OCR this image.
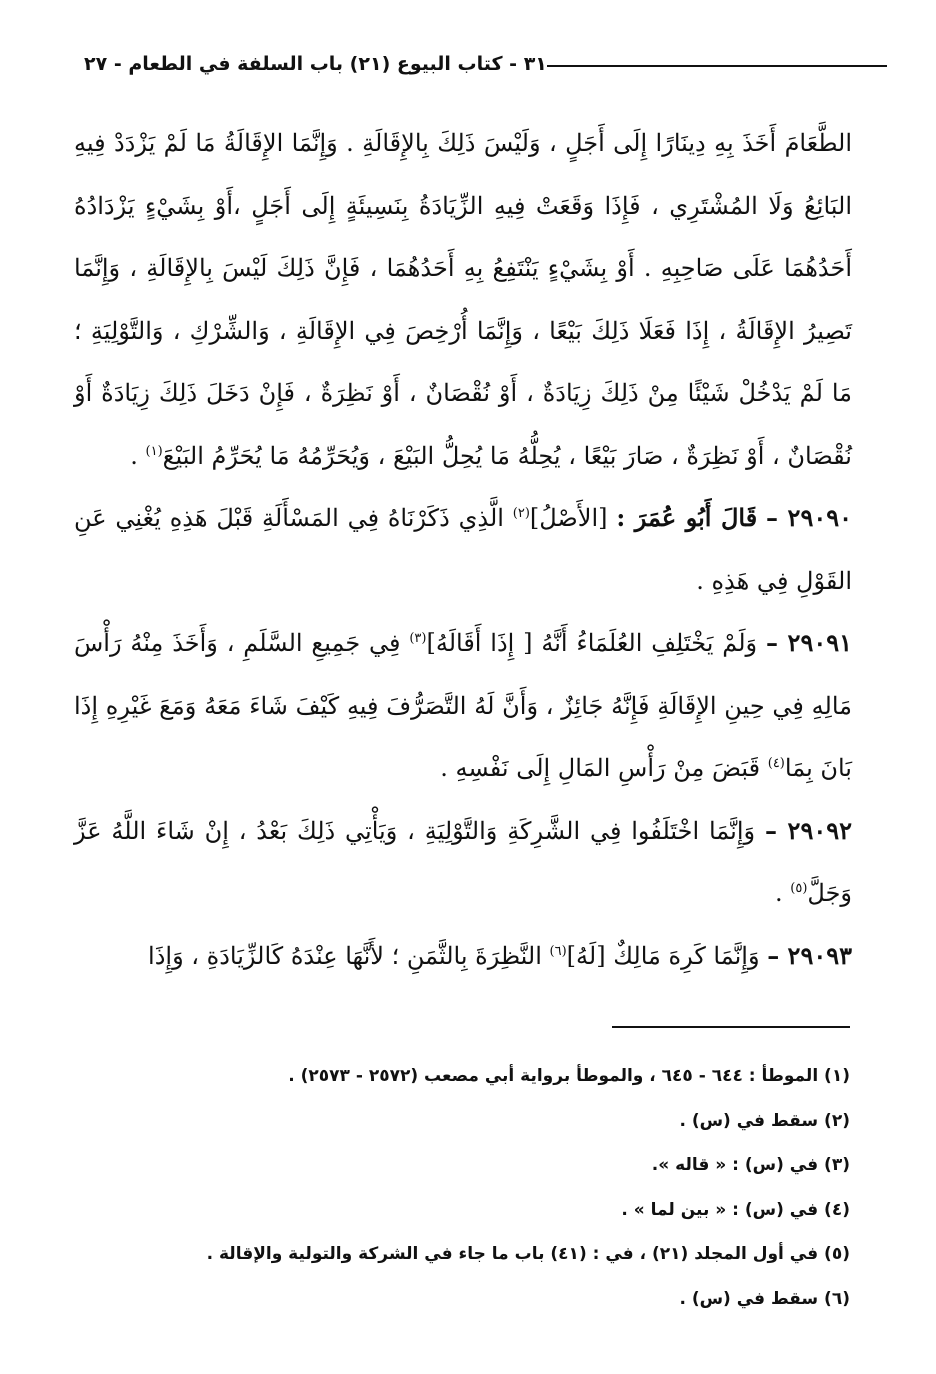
٣١ - كتاب البيوع (٢١) باب السلفة في الطعام - ٢٧

الطَّعَامَ أَخَذَ بِهِ دِينَارًا إِلَى أَجَلٍ ، وَلَيْسَ ذَلِكَ بِالإِقَالَةِ . وَإِنَّمَا الإِقَالَةُ مَا لَمْ يَزْدَدْ فِيهِ البَائِعُ وَلَا المُشْتَرِي ، فَإِذَا وَقَعَتْ فِيهِ الزِّيَادَةُ بِنَسِيئَةٍ إِلَى أَجَلٍ ،أَوْ بِشَيْءٍ يَزْدَادُهُ أَحَدُهُمَا عَلَى صَاحِبِهِ . أَوْ بِشَيْءٍ يَنْتَفِعُ بِهِ أَحَدُهُمَا ، فَإِنَّ ذَلِكَ لَيْسَ بِالإِقَالَةِ ، وَإِنَّمَا تَصِيرُ الإِقَالَةُ ، إِذَا فَعَلَا ذَلِكَ بَيْعًا ، وَإِنَّمَا أُرْخِصَ فِي الإِقَالَةِ ، وَالشِّرْكِ ، وَالتَّوْلِيَةِ ؛ مَا لَمْ يَدْخُلْ شَيْئًا مِنْ ذَلِكَ زِيَادَةٌ ، أَوْ نُقْصَانٌ ، أَوْ نَظِرَةٌ ، فَإِنْ دَخَلَ ذَلِكَ زِيَادَةٌ أَوْ نُقْصَانٌ ، أَوْ نَظِرَةٌ ، صَارَ بَيْعًا ، يُحِلُّهُ مَا يُحِلُّ البَيْعَ ، وَيُحَرِّمُهُ مَا يُحَرِّمُ البَيْعَ$^{(١)}$ .

٢٩٠٩٠ – قَالَ أَبُو عُمَرَ : [الأَصْلُ]$^{(٢)}$ الَّذِي ذَكَرْنَاهُ فِي المَسْأَلَةِ قَبْلَ هَذِهِ يُغْنِي عَنِ القَوْلِ فِي هَذِهِ .

٢٩٠٩١ – وَلَمْ يَخْتَلِفِ العُلَمَاءُ أَنَّهُ [ إِذَا أَقَالَهُ]$^{(٣)}$ فِي جَمِيعِ السَّلَمِ ، وَأَخَذَ مِنْهُ رَأْسَ مَالِهِ فِي حِينِ الإِقَالَةِ فَإِنَّهُ جَائِزٌ ، وَأَنَّ لَهُ التَّصَرُّفَ فِيهِ كَيْفَ شَاءَ مَعَهُ وَمَعَ غَيْرِهِ إِذَا بَانَ بِمَا$^{(٤)}$ قَبَضَ مِنْ رَأْسِ المَالِ إِلَى نَفْسِهِ .

٢٩٠٩٢ – وَإِنَّمَا اخْتَلَفُوا فِي الشَّرِكَةِ وَالتَّوْلِيَةِ ، وَيَأْتِي ذَلِكَ بَعْدُ ، إِنْ شَاءَ اللَّهُ عَزَّ وَجَلَّ$^{(٥)}$ .

٢٩٠٩٣ – وَإِنَّمَا كَرِهَ مَالِكٌ [لَهُ]$^{(٦)}$ النَّظِرَةَ بِالثَّمَنِ ؛ لأَنَّهَا عِنْدَهُ كَالزِّيَادَةِ ، وَإِذَا

(١) الموطأ : ٦٤٤ - ٦٤٥ ، والموطأ برواية أبي مصعب (٢٥٧٢ - ٢٥٧٣) .
(٢) سقط في (س) .
(٣) في (س) : « قاله ».
(٤) في (س) : « بين لما » .
(٥) في أول المجلد (٢١) ، في : (٤١) باب ما جاء في الشركة والتولية والإقالة .
(٦) سقط في (س) .
